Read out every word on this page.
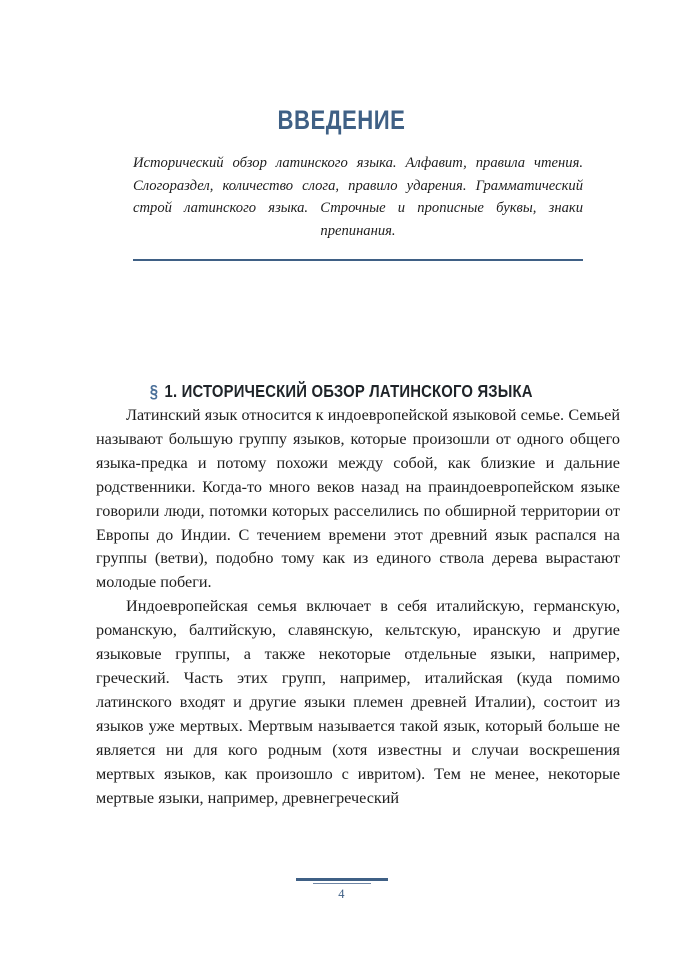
ВВЕДЕНИЕ
Исторический обзор латинского языка. Алфавит, правила чтения. Слогораздел, количество слога, правило ударения. Грамматический строй латинского языка. Строчные и прописные буквы, знаки препинания.
§  1. ИСТОРИЧЕСКИЙ ОБЗОР ЛАТИНСКОГО ЯЗЫКА

Латинский язык относится к индоевропейской языковой семье. Семьей называют большую группу языков, которые произошли от одного общего языка-предка и потому похожи между собой, как близкие и дальние родственники. Когда-то много веков назад на праиндоевропейском языке говорили люди, потомки которых расселились по обширной территории от Европы до Индии. С течением времени этот древний язык распался на группы (ветви), подобно тому как из единого ствола дерева вырастают молодые побеги.

Индоевропейская семья включает в себя италийскую, германскую, романскую, балтийскую, славянскую, кельтскую, иранскую и другие языковые группы, а также некоторые отдельные языки, например, греческий. Часть этих групп, например, италийская (куда помимо латинского входят и другие языки племен древней Италии), состоит из языков уже мертвых. Мертвым называется такой язык, который больше не является ни для кого родным (хотя известны и случаи воскрешения мертвых языков, как произошло с ивритом). Тем не менее, некоторые мертвые языки, например, древнегреческий

4
